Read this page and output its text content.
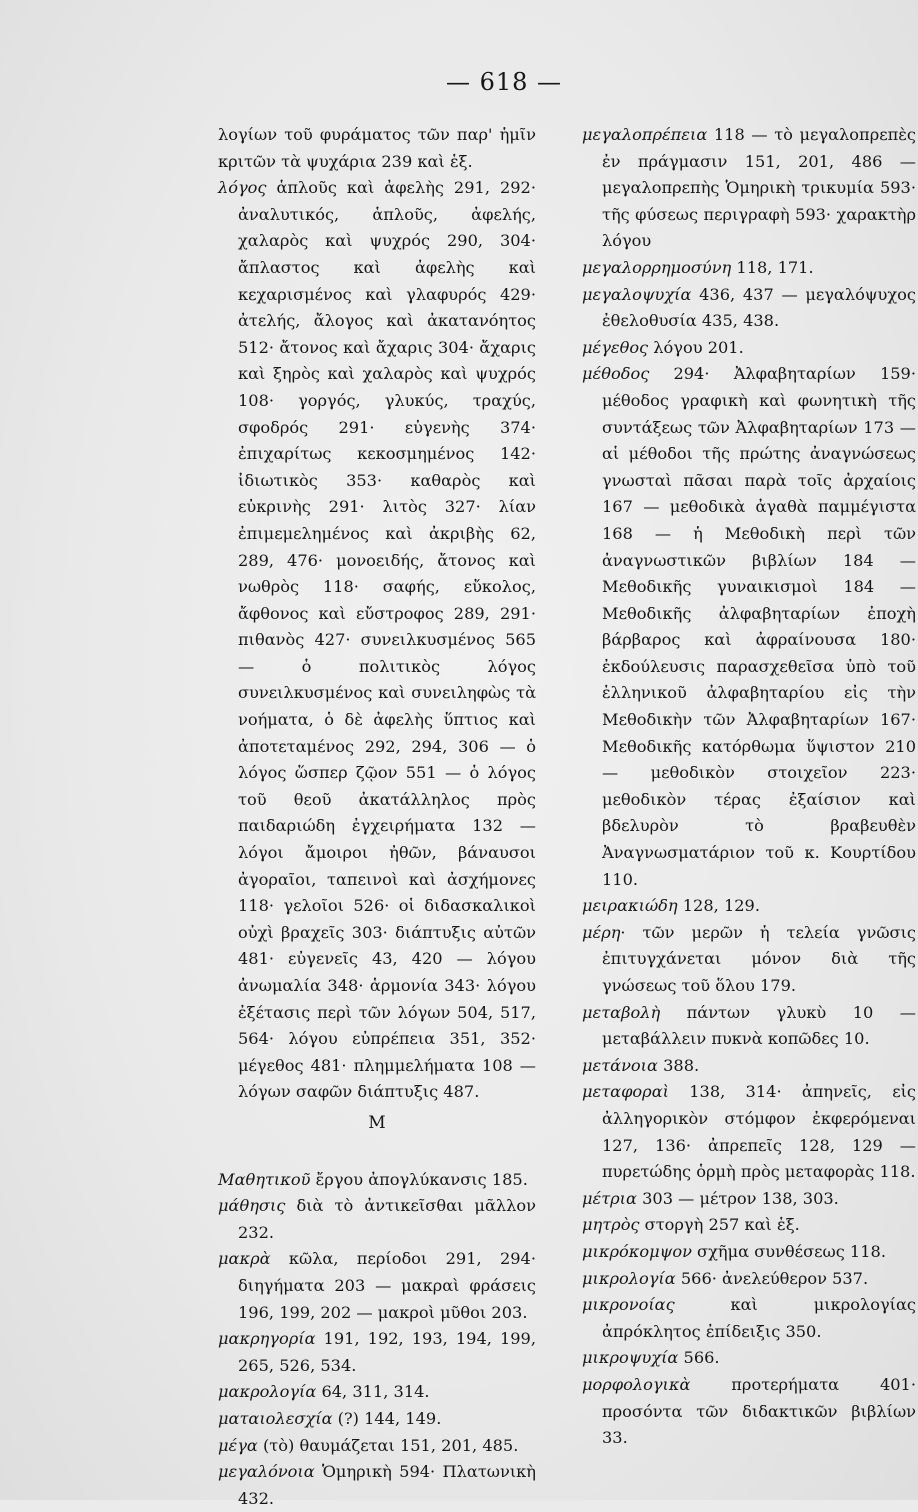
— 618 —

λογίων τοῦ φυράματος τῶν παρ' ἡμῖν κριτῶν τὰ ψυχάρια 239 καὶ ἑξ.

λόγος ἁπλοῦς καὶ ἀφελὴς 291, 292· ἀναλυτικός, ἁπλοῦς, ἀφελής, χαλαρὸς καὶ ψυχρός 290, 304· ἄπλαστος καὶ ἀφελὴς καὶ κεχαρισμένος καὶ γλαφυρός 429· ἀτελής, ἄλογος καὶ ἀκατανόητος 512· ἄτονος καὶ ἄχαρις 304· ἄχαρις καὶ ξηρὸς καὶ χαλαρὸς καὶ ψυχρός 108· γοργός, γλυκύς, τραχύς, σφοδρός 291· εὐγενὴς 374· ἐπιχαρίτως κεκοσμημένος 142· ἰδιωτικὸς 353· καθαρὸς καὶ εὐκρινὴς 291· λιτὸς 327· λίαν ἐπιμεμελημένος καὶ ἀκριβὴς 62, 289, 476· μονοειδής, ἄτονος καὶ νωθρὸς 118· σαφής, εὔκολος, ἄφθονος καὶ εὔστροφος 289, 291· πιθανὸς 427· συνειλκυσμένος 565 — ὁ πολιτικὸς λόγος συνειλκυσμένος καὶ συνειληφὼς τὰ νοήματα, ὁ δὲ ἀφελὴς ὕπτιος καὶ ἀποτεταμένος 292, 294, 306 — ὁ λόγος ὥσπερ ζῷον 551 — ὁ λόγος τοῦ θεοῦ ἀκατάλληλος πρὸς παιδαριώδη ἐγχειρήματα 132 — λόγοι ἄμοιροι ἠθῶν, βάναυσοι ἀγοραῖοι, ταπεινοὶ καὶ ἀσχήμονες 118· γελοῖοι 526· οἱ διδασκαλικοὶ οὐχὶ βραχεῖς 303· διάπτυξις αὐτῶν 481· εὐγενεῖς 43, 420 — λόγου ἀνωμαλία 348· ἁρμονία 343· λόγου ἐξέτασις περὶ τῶν λόγων 504, 517, 564· λόγου εὐπρέπεια 351, 352· μέγεθος 481· πλημμελήματα 108 — λόγων σαφῶν διάπτυξις 487.

Μ

Μαθητικοῦ ἔργου ἀπογλύκανσις 185.

μάθησις διὰ τὸ ἀντικεῖσθαι μᾶλλον 232.

μακρὰ κῶλα, περίοδοι 291, 294· διηγήματα 203 — μακραὶ φράσεις 196, 199, 202 — μακροὶ μῦθοι 203.

μακρηγορία 191, 192, 193, 194, 199, 265, 526, 534.

μακρολογία 64, 311, 314.

ματαιολεσχία (?) 144, 149.

μέγα (τὸ) θαυμάζεται 151, 201, 485.

μεγαλόνοια Ὁμηρικὴ 594· Πλατωνικὴ 432.

μεγαλοπρέπεια 118 — τὸ μεγαλοπρεπὲς ἐν πράγμασιν 151, 201, 486 — μεγαλοπρεπὴς Ὁμηρικὴ τρικυμία 593· τῆς φύσεως περιγραφὴ 593· χαρακτὴρ λόγου

μεγαλορρημοσύνη 118, 171.

μεγαλοψυχία 436, 437 — μεγαλόψυχος ἐθελοθυσία 435, 438.

μέγεθος λόγου 201.

μέθοδος 294· Ἀλφαβηταρίων 159· μέθοδος γραφικὴ καὶ φωνητικὴ τῆς συντάξεως τῶν Ἀλφαβηταρίων 173 — αἱ μέθοδοι τῆς πρώτης ἀναγνώσεως γνωσταὶ πᾶσαι παρὰ τοῖς ἀρχαίοις 167 — μεθοδικὰ ἀγαθὰ παμμέγιστα 168 — ἡ Μεθοδικὴ περὶ τῶν ἀναγνωστικῶν βιβλίων 184 — Μεθοδικῆς γυναικισμοὶ 184 — Μεθοδικῆς ἀλφαβηταρίων ἐποχὴ βάρβαρος καὶ ἀφραίνουσα 180· ἐκδούλευσις παρασχεθεῖσα ὑπὸ τοῦ ἑλληνικοῦ ἀλφαβηταρίου εἰς τὴν Μεθοδικὴν τῶν Ἀλφαβηταρίων 167· Μεθοδικῆς κατόρθωμα ὕψιστον 210 — μεθοδικὸν στοιχεῖον 223· μεθοδικὸν τέρας ἐξαίσιον καὶ βδελυρὸν τὸ βραβευθὲν Ἀναγνωσματάριον τοῦ κ. Κουρτίδου 110.

μειρακιώδη 128, 129.

μέρη· τῶν μερῶν ἡ τελεία γνῶσις ἐπιτυγχάνεται μόνον διὰ τῆς γνώσεως τοῦ ὅλου 179.

μεταβολὴ πάντων γλυκὺ 10 — μεταβάλλειν πυκνὰ κοπῶδες 10.

μετάνοια 388.

μεταφοραὶ 138, 314· ἀπηνεῖς, εἰς ἀλληγορικὸν στόμφον ἐκφερόμεναι 127, 136· ἀπρεπεῖς 128, 129 — πυρετώδης ὁρμὴ πρὸς μεταφορὰς 118.

μέτρια 303 — μέτρον 138, 303.

μητρὸς στοργὴ 257 καὶ ἑξ.

μικρόκομψον σχῆμα συνθέσεως 118.

μικρολογία 566· ἀνελεύθερον 537.

μικρονοίας καὶ μικρολογίας ἀπρόκλητος ἐπίδειξις 350.

μικροψυχία 566.

μορφολογικὰ προτερήματα 401· προσόντα τῶν διδακτικῶν βιβλίων 33.
